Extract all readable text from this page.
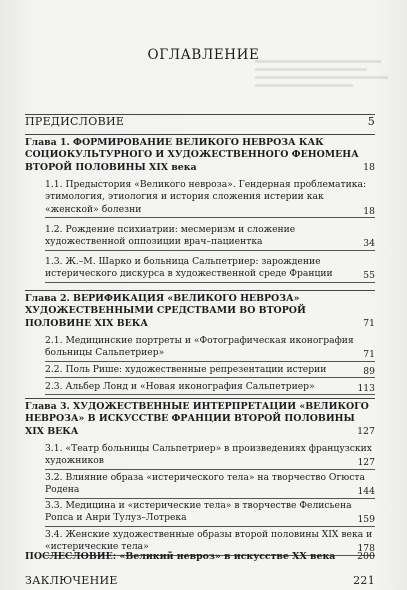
ОГЛАВЛЕНИЕ
ПРЕДИСЛОВИЕ	5
Глава 1. ФОРМИРОВАНИЕ ВЕЛИКОГО НЕВРОЗА КАК СОЦИОКУЛЬТУРНОГО И ХУДОЖЕСТВЕННОГО ФЕНОМЕНА ВТОРОЙ ПОЛОВИНЫ XIX века	18
1.1. Предыстория «Великого невроза». Гендерная проблематика: этимология, этиология и история сложения истерии как «женской» болезни	18
1.2. Рождение психиатрии: месмеризм и сложение художественной оппозиции врач–пациентка	34
1.3. Ж.–М. Шарко и больница Сальпетриер: зарождение истерического дискурса в художественной среде Франции	55
Глава 2. ВЕРИФИКАЦИЯ «ВЕЛИКОГО НЕВРОЗА» ХУДОЖЕСТВЕННЫМИ СРЕДСТВАМИ ВО ВТОРОЙ ПОЛОВИНЕ XIX ВЕКА	71
2.1. Медицинские портреты и «Фотографическая иконография больницы Сальпетриер»	71
2.2. Поль Рише: художественные репрезентации истерии	89
2.3. Альбер Лонд и «Новая иконография Сальпетриер»	113
Глава 3. ХУДОЖЕСТВЕННЫЕ ИНТЕРПРЕТАЦИИ «ВЕЛИКОГО НЕВРОЗА» В ИСКУССТВЕ ФРАНЦИИ ВТОРОЙ ПОЛОВИНЫ XIX ВЕКА	127
3.1. «Театр больницы Сальпетриер» в произведениях французских художников	127
3.2. Влияние образа «истерического тела» на творчество Огюста Родена	144
3.3. Медицина и «истерические тела» в творчестве Фелисьена Ропса и Анри Тулуз–Лотрека	159
3.4. Женские художественные образы второй половины XIX века и «истерические тела»	178
ПОСЛЕСЛОВИЕ: «Великий невроз» в искусстве XX века	200
ЗАКЛЮЧЕНИЕ	221
